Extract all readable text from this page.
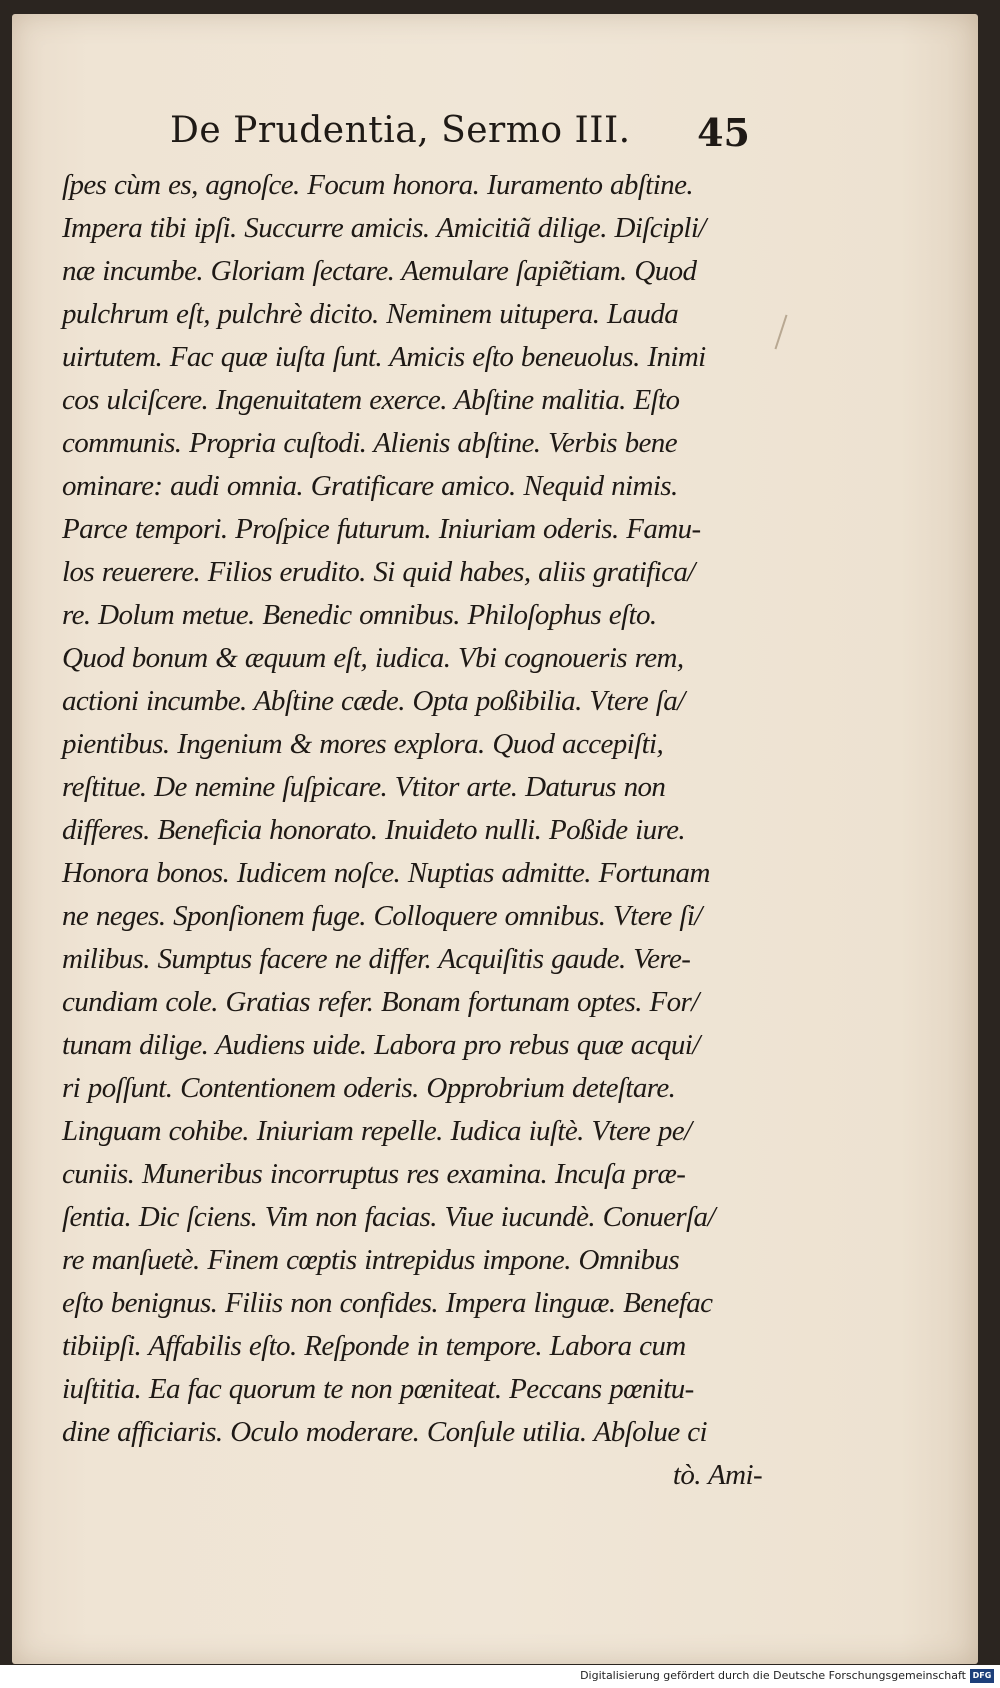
De Prudentia, Sermo III. 45
ſpes cùm es, agnoſce. Focum honora. Iuramento abſtine.
Impera tibi ipſi. Succurre amicis. Amicitiã dilige. Diſcipli/
næ incumbe. Gloriam ſectare. Aemulare ſapiẽtiam. Quod
pulchrum eſt, pulchrè dicito. Neminem uitupera. Lauda
uirtutem. Fac quæ iuſta ſunt. Amicis eſto beneuolus. Inimi
cos ulciſcere. Ingenuitatem exerce. Abſtine malitia. Eſto
communis. Propria cuſtodi. Alienis abſtine. Verbis bene
ominare: audi omnia. Gratificare amico. Nequid nimis.
Parce tempori. Proſpice futurum. Iniuriam oderis. Famu-
los reuerere. Filios erudito. Si quid habes, aliis gratifica/
re. Dolum metue. Benedic omnibus. Philoſophus eſto.
Quod bonum & æquum eſt, iudica. Vbi cognoueris rem,
actioni incumbe. Abſtine cæde. Opta poßibilia. Vtere ſa/
pientibus. Ingenium & mores explora. Quod accepiſti,
reſtitue. De nemine ſuſpicare. Vtitor arte. Daturus non
differes. Beneficia honorato. Inuideto nulli. Poßide iure.
Honora bonos. Iudicem noſce. Nuptias admitte. Fortunam
ne neges. Sponſionem fuge. Colloquere omnibus. Vtere ſi/
milibus. Sumptus facere ne differ. Acquiſitis gaude. Vere-
cundiam cole. Gratias refer. Bonam fortunam optes. For/
tunam dilige. Audiens uide. Labora pro rebus quæ acqui/
ri poſſunt. Contentionem oderis. Opprobrium deteſtare.
Linguam cohibe. Iniuriam repelle. Iudica iuſtè. Vtere pe/
cuniis. Muneribus incorruptus res examina. Incuſa præ-
ſentia. Dic ſciens. Vim non facias. Viue iucundè. Conuerſa/
re manſuetè. Finem cœptis intrepidus impone. Omnibus
eſto benignus. Filiis non confides. Impera linguæ. Benefac
tibiipſi. Affabilis eſto. Reſponde in tempore. Labora cum
iuſtitia. Ea fac quorum te non pœniteat. Peccans pœnitu-
dine afficiaris. Oculo moderare. Conſule utilia. Abſolue ci
tò. Ami-
Digitalisierung gefördert durch die Deutsche Forschungsgemeinschaft DFG
